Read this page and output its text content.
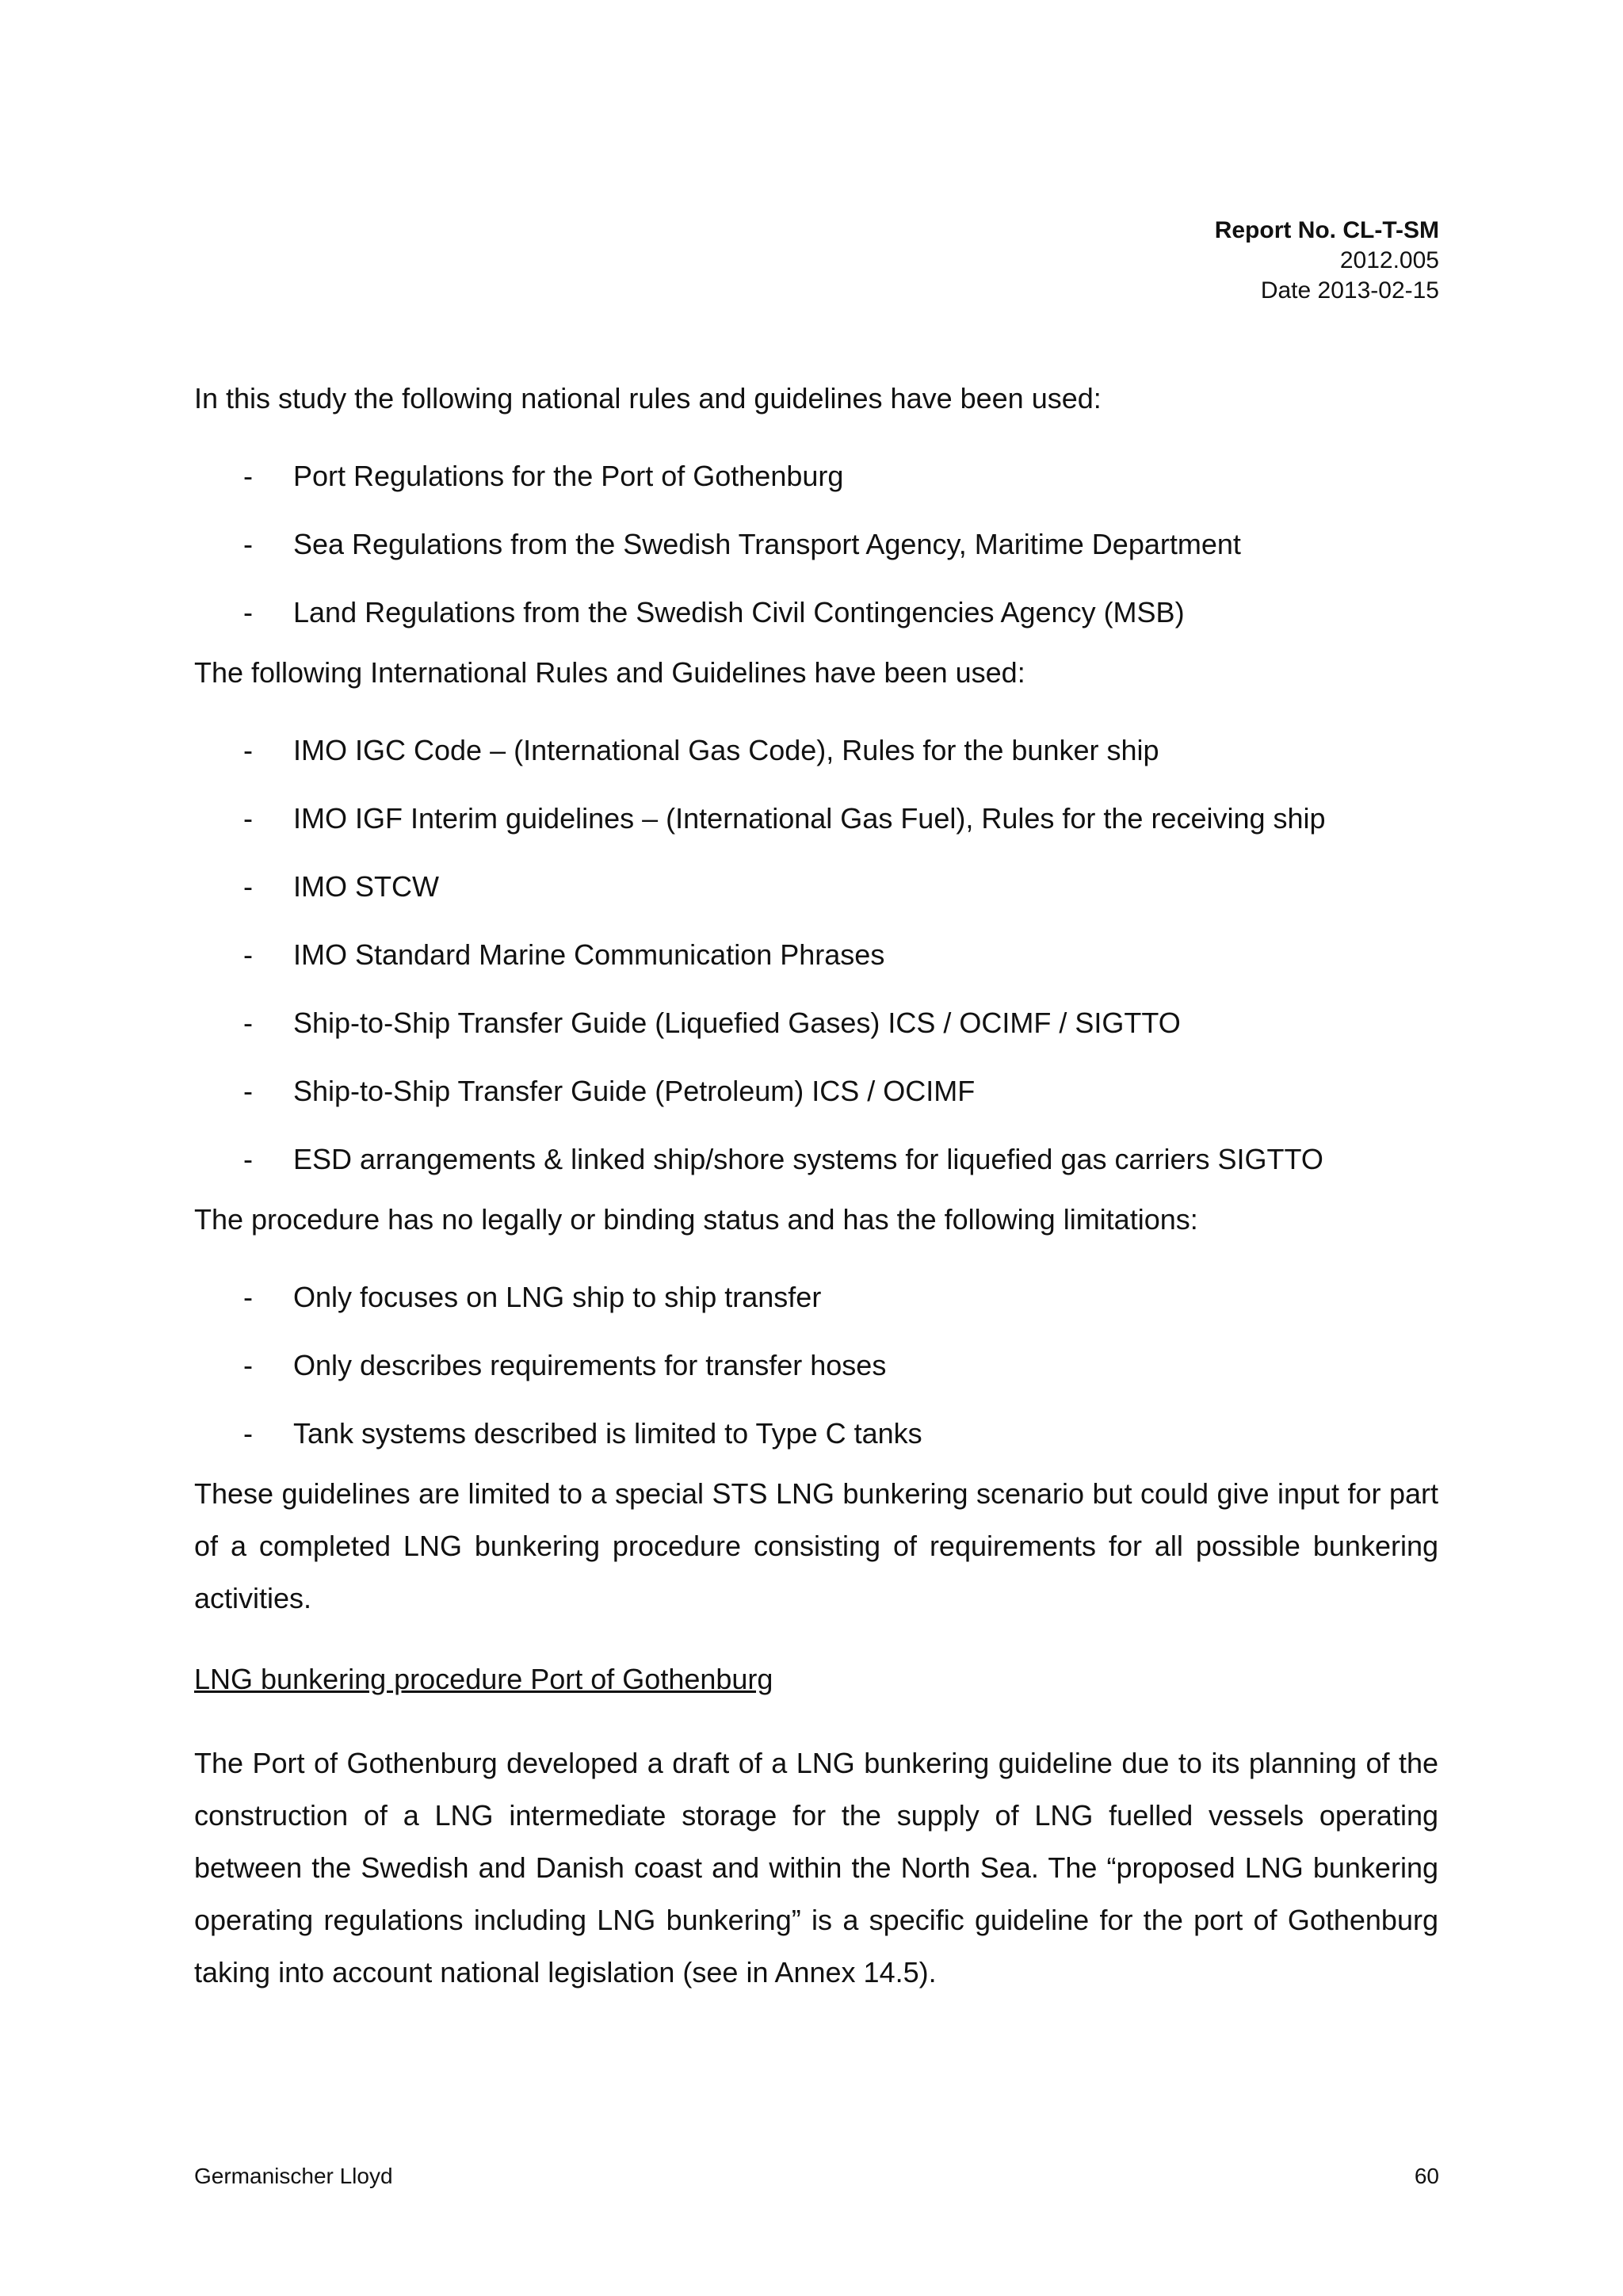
Report No. CL-T-SM
2012.005
Date 2013-02-15

In this study the following national rules and guidelines have been used:

- Port Regulations for the Port of Gothenburg
- Sea Regulations from the Swedish Transport Agency, Maritime Department
- Land Regulations from the Swedish Civil Contingencies Agency (MSB)

The following International Rules and Guidelines have been used:

- IMO IGC Code – (International Gas Code), Rules for the bunker ship
- IMO IGF Interim guidelines – (International Gas Fuel), Rules for the receiving ship
- IMO STCW
- IMO Standard Marine Communication Phrases
- Ship-to-Ship Transfer Guide (Liquefied Gases) ICS / OCIMF / SIGTTO
- Ship-to-Ship Transfer Guide (Petroleum) ICS / OCIMF
- ESD arrangements & linked ship/shore systems for liquefied gas carriers SIGTTO

The procedure has no legally or binding status and has the following limitations:

- Only focuses on LNG ship to ship transfer
- Only describes requirements for transfer hoses
- Tank systems described is limited to Type C tanks

These guidelines are limited to a special STS LNG bunkering scenario but could give input for part of a completed LNG bunkering procedure consisting of requirements for all possible bunkering activities.

LNG bunkering procedure Port of Gothenburg

The Port of Gothenburg developed a draft of a LNG bunkering guideline due to its planning of the construction of a LNG intermediate storage for the supply of LNG fuelled vessels operating between the Swedish and Danish coast and within the North Sea. The “proposed LNG bunkering operating regulations including LNG bunkering” is a specific guideline for the port of Gothenburg taking into account national legislation (see in Annex 14.5).

Germanischer Lloyd	60
